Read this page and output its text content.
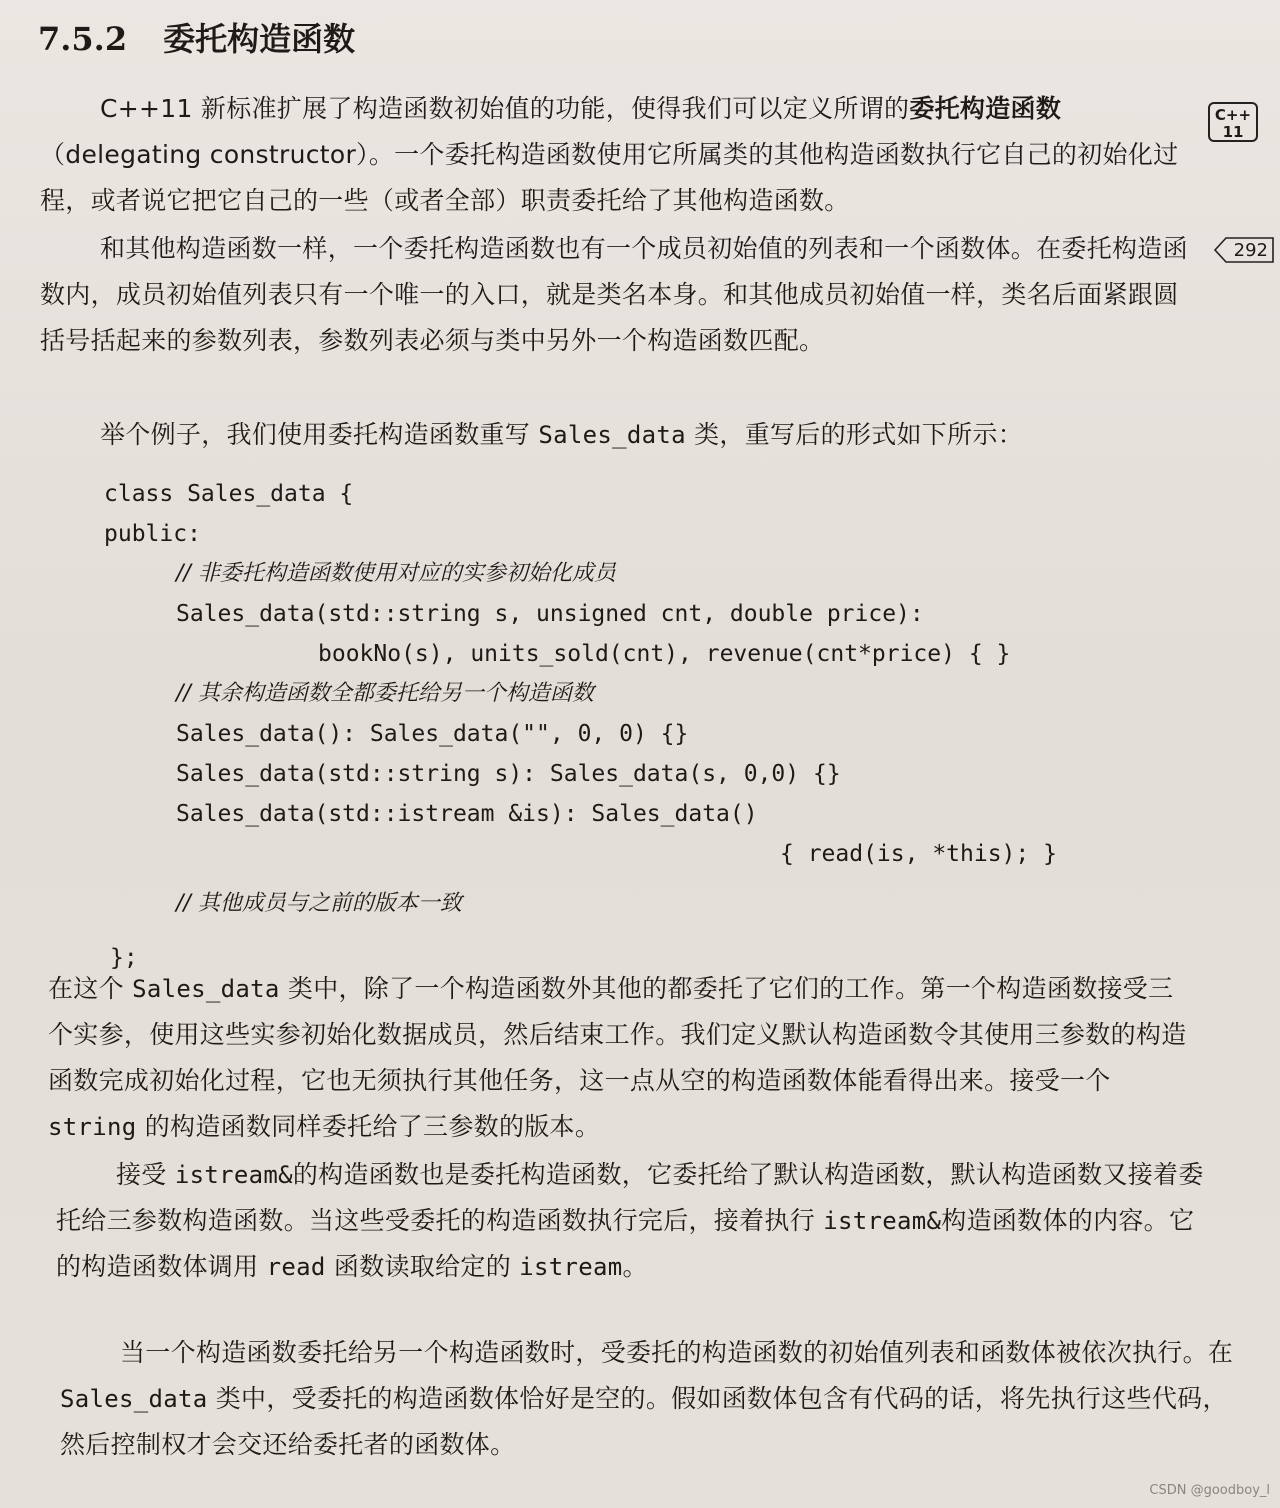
7.5.2 委托构造函数
C++
11
292

C++11 新标准扩展了构造函数初始值的功能，使得我们可以定义所谓的委托构造函数（delegating constructor）。一个委托构造函数使用它所属类的其他构造函数执行它自己的初始化过程，或者说它把它自己的一些（或者全部）职责委托给了其他构造函数。

和其他构造函数一样，一个委托构造函数也有一个成员初始值的列表和一个函数体。在委托构造函数内，成员初始值列表只有一个唯一的入口，就是类名本身。和其他成员初始值一样，类名后面紧跟圆括号括起来的参数列表，参数列表必须与类中另外一个构造函数匹配。

举个例子，我们使用委托构造函数重写 Sales_data 类，重写后的形式如下所示：

class Sales_data {
public:
// 非委托构造函数使用对应的实参初始化成员
Sales_data(std::string s, unsigned cnt, double price):
bookNo(s), units_sold(cnt), revenue(cnt*price) { }
// 其余构造函数全都委托给另一个构造函数
Sales_data(): Sales_data("", 0, 0) {}
Sales_data(std::string s): Sales_data(s, 0,0) {}
Sales_data(std::istream &is): Sales_data()
{ read(is, *this); }
// 其他成员与之前的版本一致
};

在这个 Sales_data 类中，除了一个构造函数外其他的都委托了它们的工作。第一个构造函数接受三个实参，使用这些实参初始化数据成员，然后结束工作。我们定义默认构造函数令其使用三参数的构造函数完成初始化过程，它也无须执行其他任务，这一点从空的构造函数体能看得出来。接受一个 string 的构造函数同样委托给了三参数的版本。

接受 istream&的构造函数也是委托构造函数，它委托给了默认构造函数，默认构造函数又接着委托给三参数构造函数。当这些受委托的构造函数执行完后，接着执行 istream&构造函数体的内容。它的构造函数体调用 read 函数读取给定的 istream。

当一个构造函数委托给另一个构造函数时，受委托的构造函数的初始值列表和函数体被依次执行。在 Sales_data 类中，受委托的构造函数体恰好是空的。假如函数体包含有代码的话，将先执行这些代码，然后控制权才会交还给委托者的函数体。

CSDN @goodboy_l
